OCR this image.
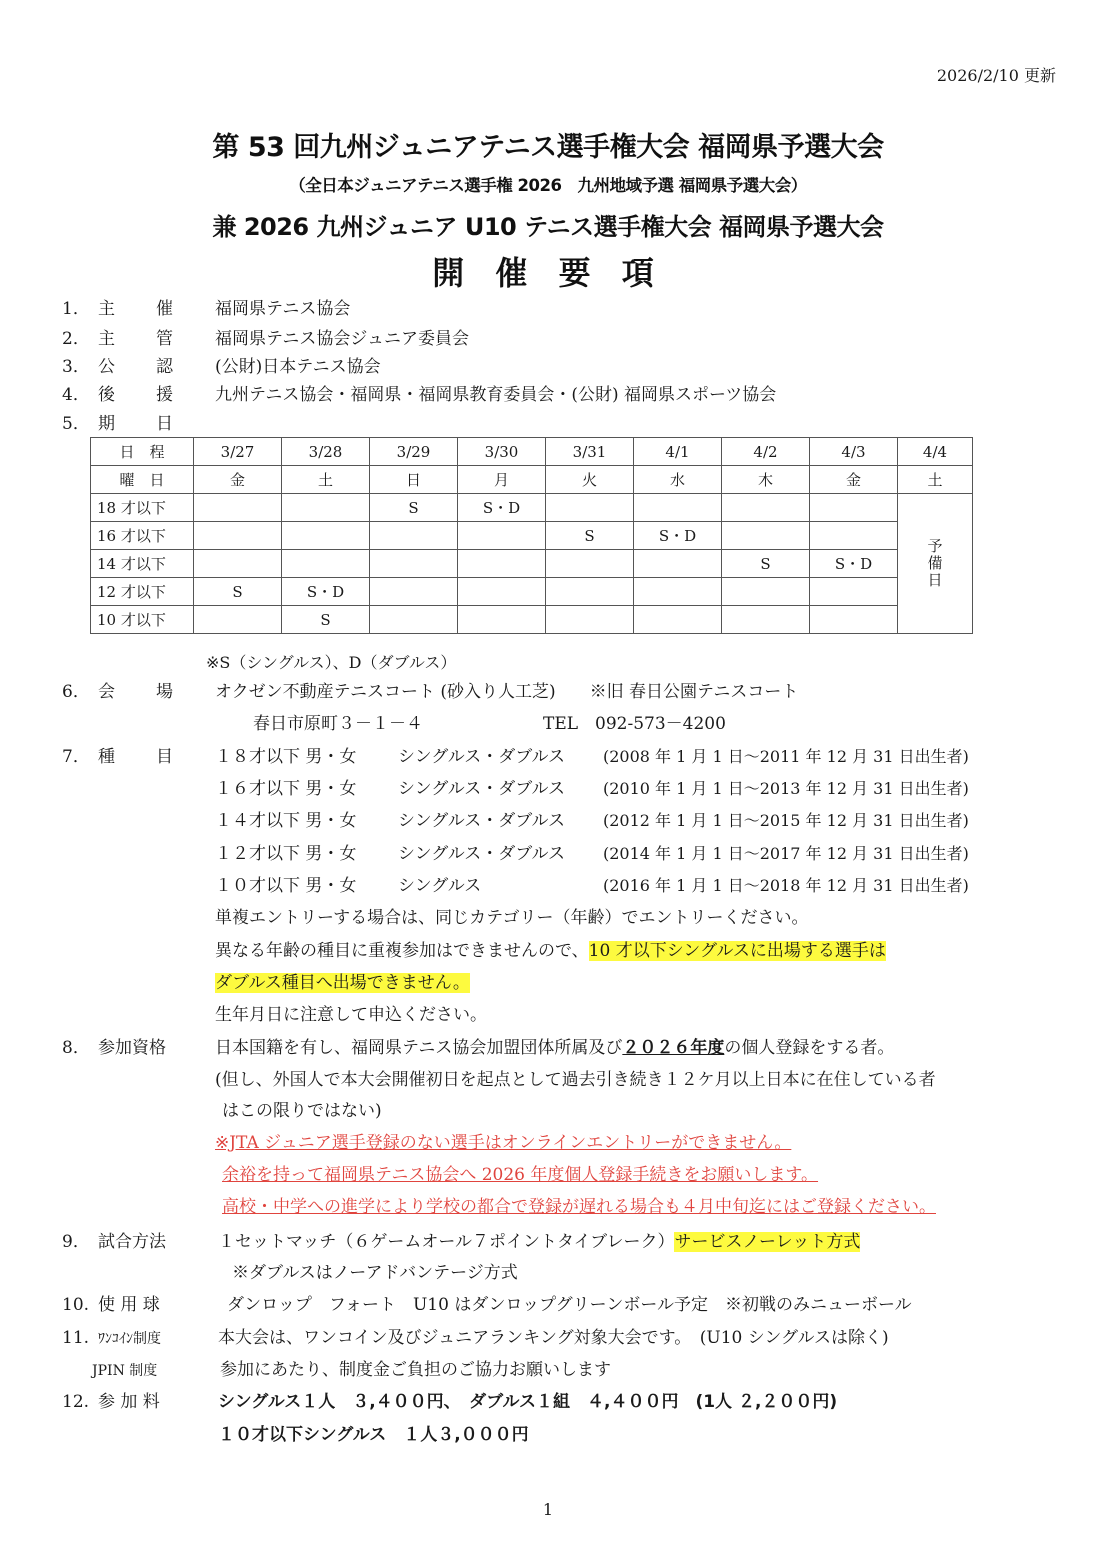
2026/2/10 更新
第 53 回九州ジュニアテニス選手権大会 福岡県予選大会
（全日本ジュニアテニス選手権 2026　九州地域予選 福岡県予選大会）
兼 2026 九州ジュニア U10 テニス選手権大会 福岡県予選大会
開 催 要 項
1． 主 催 福岡県テニス協会
2． 主 管 福岡県テニス協会ジュニア委員会
3． 公 認 (公財)日本テニス協会
4． 後 援 九州テニス協会・福岡県・福岡県教育委員会・(公財) 福岡県スポーツ協会
5． 期 日
日　程	3/27	3/28	3/29	3/30	3/31	4/1	4/2	4/3	4/4
曜　日	金	土	日	月	火	水	木	金	土
18 才以下			S	S・D					予備日
16 才以下					S	S・D			
14 才以下							S	S・D	
12 才以下	S	S・D							
10 才以下		S							
※S（シングルス）、D（ダブルス）
6． 会 場 オクゼン不動産テニスコート (砂入り人工芝)　　※旧 春日公園テニスコート
春日市原町３－１－４	TEL　092-573－4200
7． 種 目	１８才以下 男・女 シングルス・ダブルス (2008 年 1 月 1 日～2011 年 12 月 31 日出生者)
１６才以下 男・女 シングルス・ダブルス (2010 年 1 月 1 日～2013 年 12 月 31 日出生者)
１４才以下 男・女 シングルス・ダブルス (2012 年 1 月 1 日～2015 年 12 月 31 日出生者)
１２才以下 男・女 シングルス・ダブルス (2014 年 1 月 1 日～2017 年 12 月 31 日出生者)
１０才以下 男・女 シングルス	(2016 年 1 月 1 日～2018 年 12 月 31 日出生者)
単複エントリーする場合は、同じカテゴリー（年齢）でエントリーください。
異なる年齢の種目に重複参加はできませんので、10 才以下シングルスに出場する選手は
ダブルス種目へ出場できません。
生年月日に注意して申込ください。
8． 参加資格	日本国籍を有し、福岡県テニス協会加盟団体所属及び２０２６年度の個人登録をする者。
(但し、外国人で本大会開催初日を起点として過去引き続き１２ケ月以上日本に在住している者
はこの限りではない)
※JTA ジュニア選手登録のない選手はオンラインエントリーができません。
余裕を持って福岡県テニス協会へ 2026 年度個人登録手続きをお願いします。
高校・中学への進学により学校の都合で登録が遅れる場合も４月中旬迄にはご登録ください。
9． 試合方法	１セットマッチ（６ゲームオール７ポイントタイブレーク）サービスノーレット方式
※ダブルスはノーアドバンテージ方式
10. 使 用 球	ダンロップ　フォート　U10 はダンロップグリーンボール予定　※初戦のみニューボール
11. ﾜﾝｺｲﾝ制度	本大会は、ワンコイン及びジュニアランキング対象大会です。　(U10 シングルスは除く)
JPIN 制度	参加にあたり、制度金ご負担のご協力お願いします
12. 参 加 料	シングルス１人　３,４００円、　ダブルス１組　４,４００円　(1人 ２,２００円)
１０才以下シングルス　１人３,０００円
1
